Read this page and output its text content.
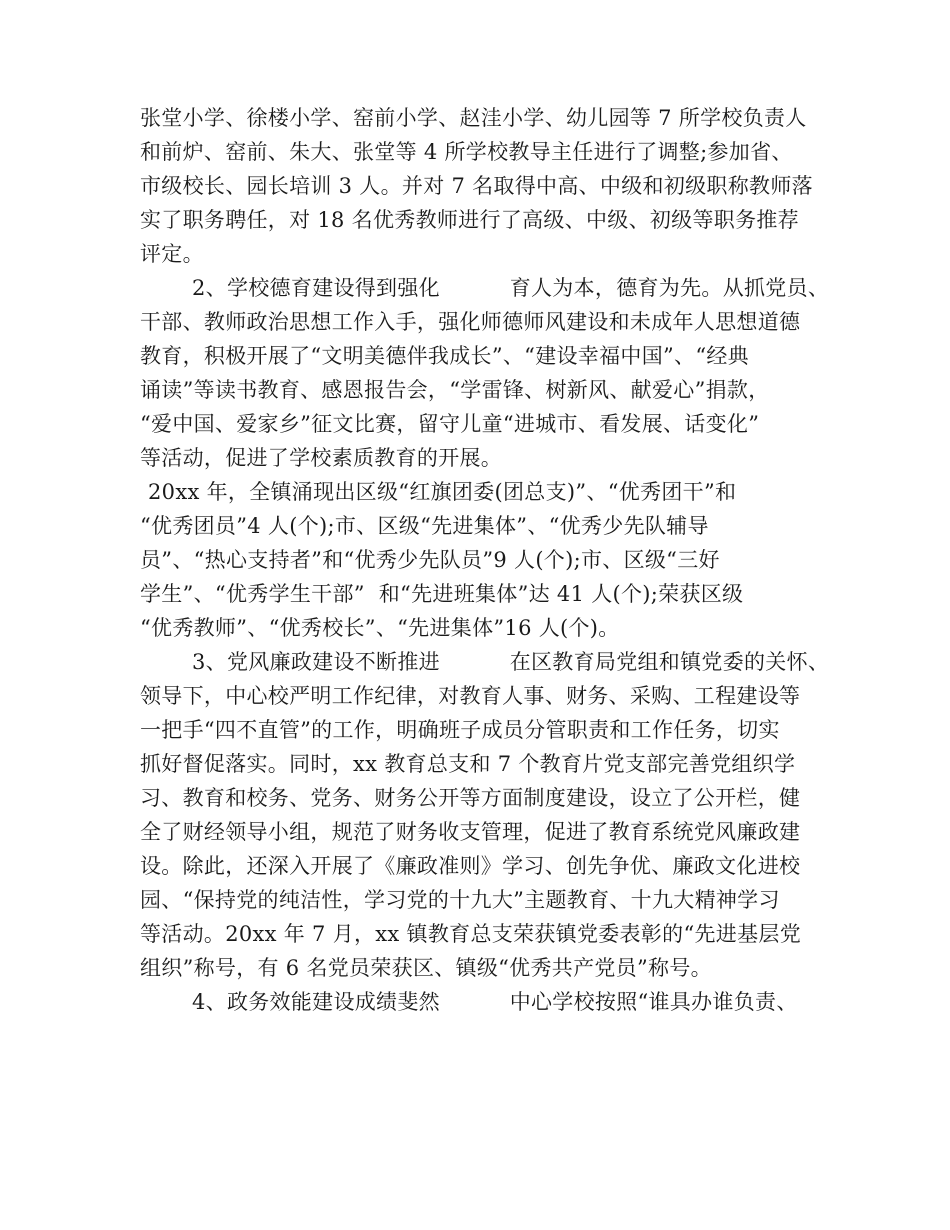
张堂小学、徐楼小学、窑前小学、赵洼小学、幼儿园等 7 所学校负责人
和前炉、窑前、朱大、张堂等 4 所学校教导主任进行了调整;参加省、
市级校长、园长培训 3 人。并对 7 名取得中高、中级和初级职称教师落
实了职务聘任，对 18 名优秀教师进行了高级、中级、初级等职务推荐
评定。
2、学校德育建设得到强化          育人为本，德育为先。从抓党员、
干部、教师政治思想工作入手，强化师德师风建设和未成年人思想道德
教育，积极开展了“文明美德伴我成长”、“建设幸福中国”、“经典
诵读”等读书教育、感恩报告会，“学雷锋、树新风、献爱心”捐款，
“爱中国、爱家乡”征文比赛，留守儿童“进城市、看发展、话变化”
等活动，促进了学校素质教育的开展。
20xx 年，全镇涌现出区级“红旗团委(团总支)”、“优秀团干”和
“优秀团员”4 人(个);市、区级“先进集体”、“优秀少先队辅导
员”、“热心支持者”和“优秀少先队员”9 人(个);市、区级“三好
学生”、“优秀学生干部”  和“先进班集体”达 41 人(个);荣获区级
“优秀教师”、“优秀校长”、“先进集体”16 人(个)。
3、党风廉政建设不断推进          在区教育局党组和镇党委的关怀、
领导下，中心校严明工作纪律，对教育人事、财务、采购、工程建设等
一把手“四不直管”的工作，明确班子成员分管职责和工作任务，切实
抓好督促落实。同时，xx 教育总支和 7 个教育片党支部完善党组织学
习、教育和校务、党务、财务公开等方面制度建设，设立了公开栏，健
全了财经领导小组，规范了财务收支管理，促进了教育系统党风廉政建
设。除此，还深入开展了《廉政准则》学习、创先争优、廉政文化进校
园、“保持党的纯洁性，学习党的十九大”主题教育、十九大精神学习
等活动。20xx 年 7 月，xx 镇教育总支荣获镇党委表彰的“先进基层党
组织”称号，有 6 名党员荣获区、镇级“优秀共产党员”称号。
4、政务效能建设成绩斐然          中心学校按照“谁具办谁负责、
